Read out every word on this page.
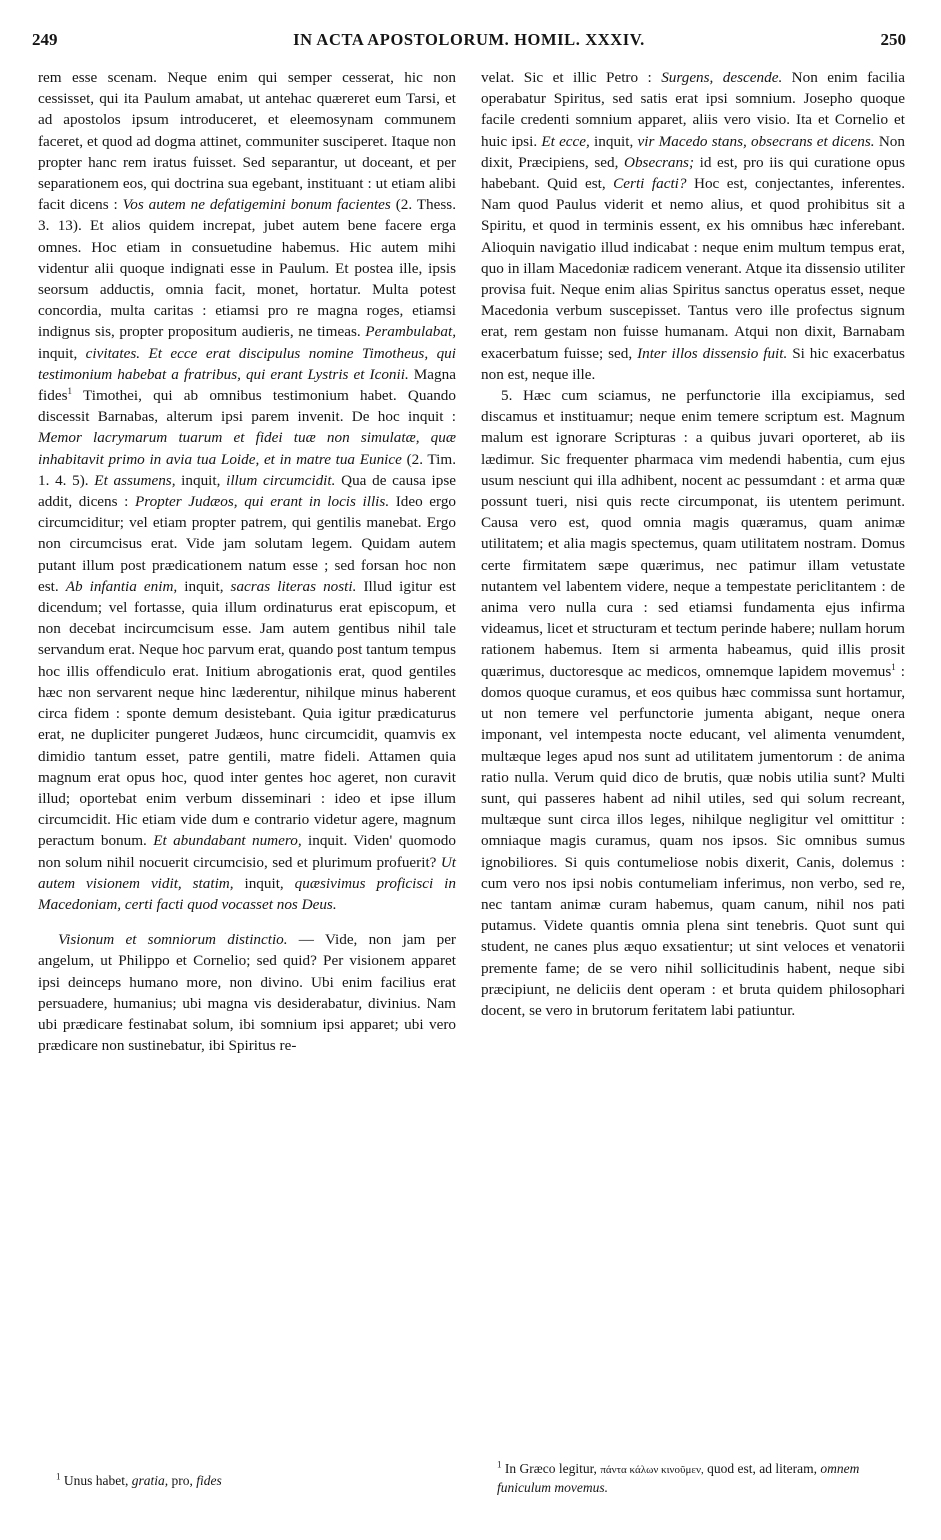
249	IN ACTA APOSTOLORUM. HOMIL. XXXIV.	250

rem esse scenam. Neque enim qui semper cesserat, hic non cessisset, qui ita Paulum amabat, ut antehac quæreret eum Tarsi, et ad apostolos ipsum introduceret, et eleemosynam communem faceret, et quod ad dogma attinet, communiter susciperet. Itaque non propter hanc rem iratus fuisset. Sed separantur, ut doceant, et per separationem eos, qui doctrina sua egebant, instituant : ut etiam alibi facit dicens : Vos autem ne defatigemini bonum facientes (2. Thess. 3. 13). Et alios quidem increpat, jubet autem bene facere erga omnes. Hoc etiam in consuetudine habemus. Hic autem mihi videntur alii quoque indignati esse in Paulum. Et postea ille, ipsis seorsum adductis, omnia facit, monet, hortatur. Multa potest concordia, multa caritas : etiamsi pro re magna roges, etiamsi indignus sis, propter propositum audieris, ne timeas. Perambulabat, inquit, civitates. Et ecce erat discipulus nomine Timotheus, qui testimonium habebat a fratribus, qui erant Lystris et Iconii. Magna fides$^1$ Timothei, qui ab omnibus testimonium habet. Quando discessit Barnabas, alterum ipsi parem invenit. De hoc inquit : Memor lacrymarum tuarum et fidei tuæ non simulatæ, quæ inhabitavit primo in avia tua Loide, et in matre tua Eunice (2. Tim. 1. 4. 5). Et assumens, inquit, illum circumcidit. Qua de causa ipse addit, dicens : Propter Judæos, qui erant in locis illis. Ideo ergo circumciditur; vel etiam propter patrem, qui gentilis manebat. Ergo non circumcisus erat. Vide jam solutam legem. Quidam autem putant illum post prædicationem natum esse ; sed forsan hoc non est. Ab infantia enim, inquit, sacras literas nosti. Illud igitur est dicendum; vel fortasse, quia illum ordinaturus erat episcopum, et non decebat incircumcisum esse. Jam autem gentibus nihil tale servandum erat. Neque hoc parvum erat, quando post tantum tempus hoc illis offendiculo erat. Initium abrogationis erat, quod gentiles hæc non servarent neque hinc læderentur, nihilque minus haberent circa fidem : sponte demum desistebant. Quia igitur prædicaturus erat, ne dupliciter pungeret Judæos, hunc circumcidit, quamvis ex dimidio tantum esset, patre gentili, matre fideli. Attamen quia magnum erat opus hoc, quod inter gentes hoc ageret, non curavit illud; oportebat enim verbum disseminari : ideo et ipse illum circumcidit. Hic etiam vide dum e contrario videtur agere, magnum peractum bonum. Et abundabant numero, inquit. Viden' quomodo non solum nihil nocuerit circumcisio, sed et plurimum profuerit? Ut autem visionem vidit, statim, inquit, quæsivimus proficisci in Macedoniam, certi facti quod vocasset nos Deus.

Visionum et somniorum distinctio. — Vide, non jam per angelum, ut Philippo et Cornelio; sed quid? Per visionem apparet ipsi deinceps humano more, non divino. Ubi enim facilius erat persuadere, humanius; ubi magna vis desiderabatur, divinius. Nam ubi prædicare festinabat solum, ibi somnium ipsi apparet; ubi vero prædicare non sustinebatur, ibi Spiritus re-

velat. Sic et illic Petro : Surgens, descende. Non enim facilia operabatur Spiritus, sed satis erat ipsi somnium. Josepho quoque facile credenti somnium apparet, aliis vero visio. Ita et Cornelio et huic ipsi. Et ecce, inquit, vir Macedo stans, obsecrans et dicens. Non dixit, Præcipiens, sed, Obsecrans; id est, pro iis qui curatione opus habebant. Quid est, Certi facti? Hoc est, conjectantes, inferentes. Nam quod Paulus viderit et nemo alius, et quod prohibitus sit a Spiritu, et quod in terminis essent, ex his omnibus hæc inferebant. Alioquin navigatio illud indicabat : neque enim multum tempus erat, quo in illam Macedoniæ radicem venerant. Atque ita dissensio utiliter provisa fuit. Neque enim alias Spiritus sanctus operatus esset, neque Macedonia verbum suscepisset. Tantus vero ille profectus signum erat, rem gestam non fuisse humanam. Atqui non dixit, Barnabam exacerbatum fuisse; sed, Inter illos dissensio fuit. Si hic exacerbatus non est, neque ille.

5. Hæc cum sciamus, ne perfunctorie illa excipiamus, sed discamus et instituamur; neque enim temere scriptum est. Magnum malum est ignorare Scripturas : a quibus juvari oporteret, ab iis lædimur. Sic frequenter pharmaca vim medendi habentia, cum ejus usum nesciunt qui illa adhibent, nocent ac pessumdant : et arma quæ possunt tueri, nisi quis recte circumponat, iis utentem perimunt. Causa vero est, quod omnia magis quæramus, quam animæ utilitatem; et alia magis spectemus, quam utilitatem nostram. Domus certe firmitatem sæpe quærimus, nec patimur illam vetustate nutantem vel labentem videre, neque a tempestate periclitantem : de anima vero nulla cura : sed etiamsi fundamenta ejus infirma videamus, licet et structuram et tectum perinde habere; nullam horum rationem habemus. Item si armenta habeamus, quid illis prosit quærimus, ductoresque ac medicos, omnemque lapidem movemus$^1$ : domos quoque curamus, et eos quibus hæc commissa sunt hortamur, ut non temere vel perfunctorie jumenta abigant, neque onera imponant, vel intempesta nocte educant, vel alimenta venumdent, multæque leges apud nos sunt ad utilitatem jumentorum : de anima ratio nulla. Verum quid dico de brutis, quæ nobis utilia sunt? Multi sunt, qui passeres habent ad nihil utiles, sed qui solum recreant, multæque sunt circa illos leges, nihilque negligitur vel omittitur : omniaque magis curamus, quam nos ipsos. Sic omnibus sumus ignobiliores. Si quis contumeliose nobis dixerit, Canis, dolemus : cum vero nos ipsi nobis contumeliam inferimus, non verbo, sed re, nec tantam animæ curam habemus, quam canum, nihil nos pati putamus. Videte quantis omnia plena sint tenebris. Quot sunt qui student, ne canes plus æquo exsatientur; ut sint veloces et venatorii premente fame; de se vero nihil sollicitudinis habent, neque sibi præcipiunt, ne deliciis dent operam : et bruta quidem philosophari docent, se vero in brutorum feritatem labi patiuntur.

$^1$ Unus habet, gratia, pro, fides
$^1$ In Græco legitur, πάντα κάλων κινοῦμεν, quod est, ad literam, omnem funiculum movemus.
